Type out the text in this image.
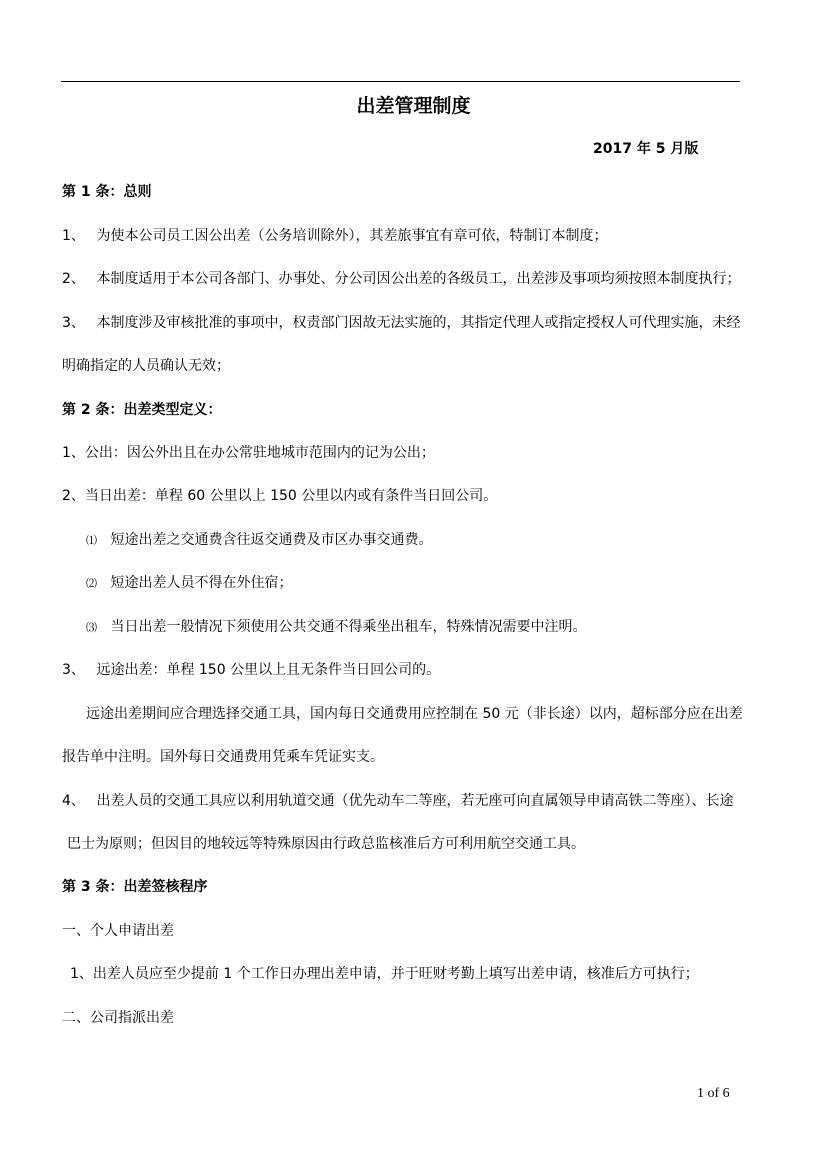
出差管理制度
2017 年 5 月版
第 1 条：总则
1、 为使本公司员工因公出差（公务培训除外），其差旅事宜有章可依，特制订本制度；
2、 本制度适用于本公司各部门、办事处、分公司因公出差的各级员工，出差涉及事项均须按照本制度执行；
3、 本制度涉及审核批准的事项中，权责部门因故无法实施的，其指定代理人或指定授权人可代理实施，未经
明确指定的人员确认无效；
第 2 条：出差类型定义：
1、公出：因公外出且在办公常驻地城市范围内的记为公出；
2、当日出差：单程 60 公里以上 150 公里以内或有条件当日回公司。
⑴ 短途出差之交通费含往返交通费及市区办事交通费。
⑵ 短途出差人员不得在外住宿；
⑶ 当日出差一般情况下须使用公共交通不得乘坐出租车，特殊情况需要中注明。
3、 远途出差：单程 150 公里以上且无条件当日回公司的。
远途出差期间应合理选择交通工具，国内每日交通费用应控制在 50 元（非长途）以内，超标部分应在出差
报告单中注明。国外每日交通费用凭乘车凭证实支。
4、 出差人员的交通工具应以利用轨道交通（优先动车二等座，若无座可向直属领导申请高铁二等座）、长途
巴士为原则；但因目的地较远等特殊原因由行政总监核准后方可利用航空交通工具。
第 3 条：出差签核程序
一、个人申请出差
1、出差人员应至少提前 1 个工作日办理出差申请，并于旺财考勤上填写出差申请，核准后方可执行；
二、公司指派出差
1 of 6
